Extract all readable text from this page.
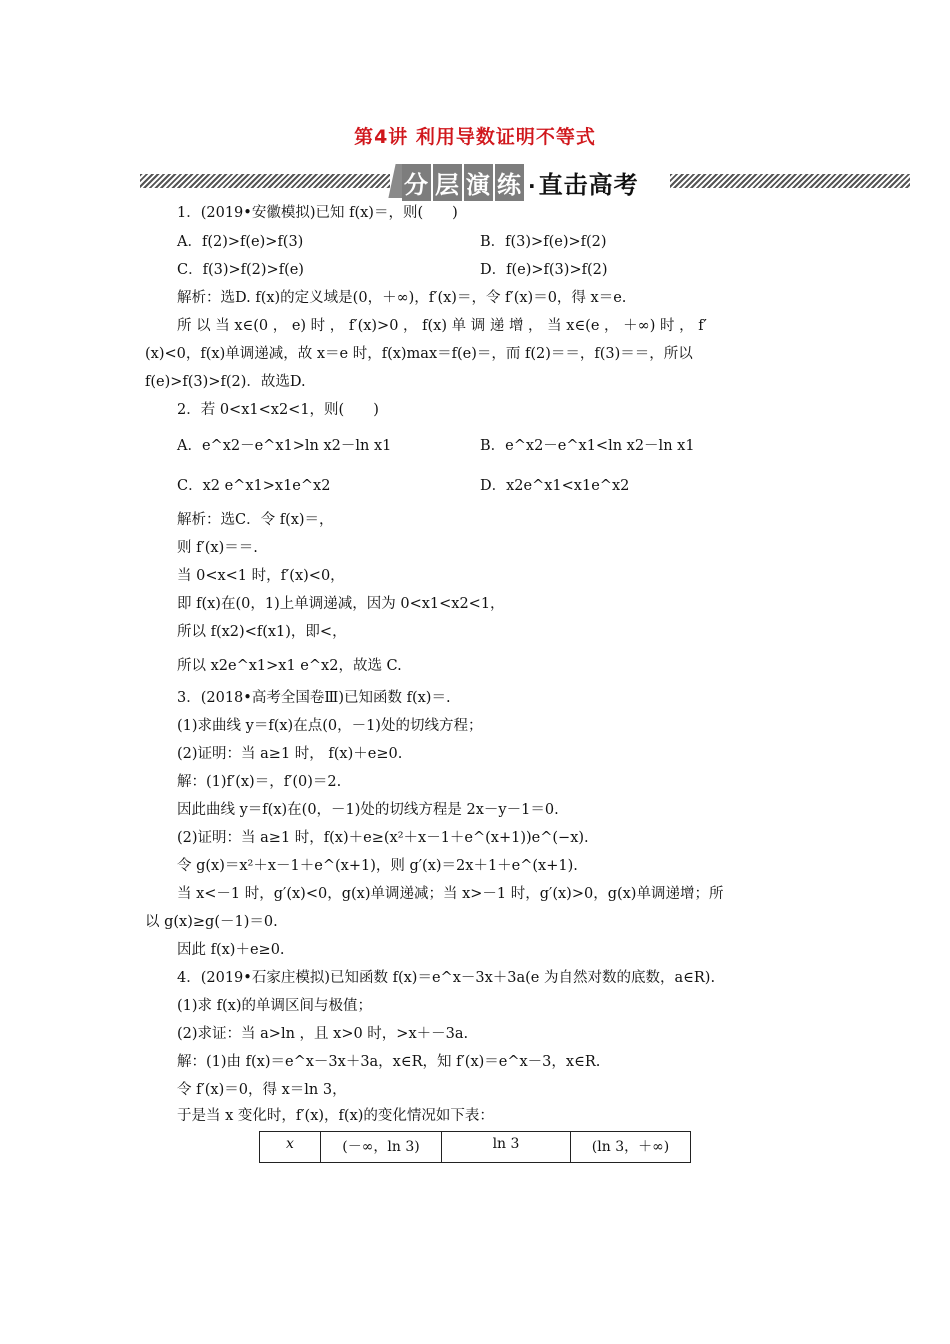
第4讲 利用导数证明不等式
分 层 演 练 ·直击高考
1．(2019•安徽模拟)已知 f(x)＝，则(　　)
A．f(2)>f(e)>f(3)	B．f(3)>f(e)>f(2)
C．f(3)>f(2)>f(e)	D．f(e)>f(3)>f(2)
解析：选D. f(x)的定义域是(0，＋∞)，f′(x)＝，令 f′(x)＝0，得 x＝e.
所 以 当 x∈(0 ， e) 时 ， f′(x)>0 ， f(x) 单 调 递 增 ， 当 x∈(e ， ＋∞) 时 ， f′
(x)<0，f(x)单调递减，故 x＝e 时，f(x)max＝f(e)＝，而 f(2)＝＝，f(3)＝＝，所以
f(e)>f(3)>f(2)．故选D.
2．若 0<x1<x2<1，则(　　)
A．e^x2－e^x1>ln x2－ln x1	B．e^x2－e^x1<ln x2－ln x1
C．x2 e^x1>x1e^x2	D．x2e^x1<x1e^x2
解析：选C．令 f(x)＝，
则 f′(x)＝＝.
当 0<x<1 时，f′(x)<0，
即 f(x)在(0，1)上单调递减，因为 0<x1<x2<1，
所以 f(x2)<f(x1)，即<，
所以 x2e^x1>x1 e^x2，故选 C.
3．(2018•高考全国卷Ⅲ)已知函数 f(x)＝.
(1)求曲线 y＝f(x)在点(0，－1)处的切线方程；
(2)证明：当 a≥1 时， f(x)＋e≥0.
解：(1)f′(x)＝，f′(0)＝2.
因此曲线 y＝f(x)在(0，－1)处的切线方程是 2x－y－1＝0.
(2)证明：当 a≥1 时，f(x)＋e≥(x²＋x－1＋e^(x+1))e^(−x).
令 g(x)＝x²＋x－1＋e^(x+1)，则 g′(x)＝2x＋1＋e^(x+1).
当 x<－1 时，g′(x)<0，g(x)单调递减；当 x>－1 时，g′(x)>0，g(x)单调递增；所
以 g(x)≥g(－1)＝0.
因此 f(x)＋e≥0.
4．(2019•石家庄模拟)已知函数 f(x)＝e^x－3x＋3a(e 为自然对数的底数，a∈R).
(1)求 f(x)的单调区间与极值；
(2)求证：当 a>ln ，且 x>0 时，>x＋－3a.
解：(1)由 f(x)＝e^x－3x＋3a，x∈R，知 f′(x)＝e^x－3，x∈R.
令 f′(x)＝0，得 x＝ln 3，
于是当 x 变化时，f′(x)，f(x)的变化情况如下表：
x	(－∞，ln 3)	ln 3	(ln 3，＋∞)
